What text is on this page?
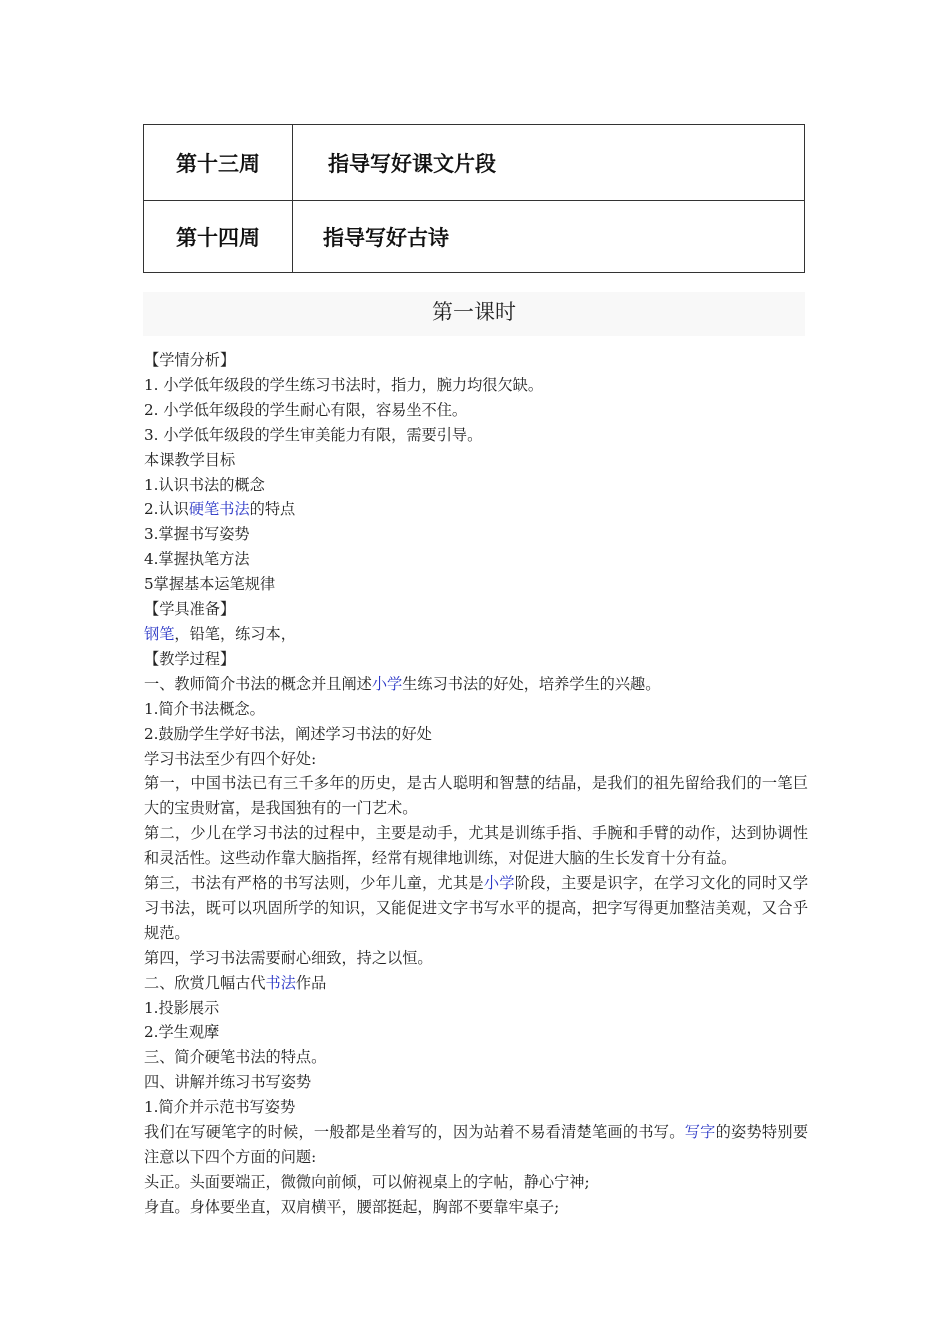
第十三周	指导写好课文片段
第十四周	指导写好古诗
第一课时

【学情分析】

1. 小学低年级段的学生练习书法时，指力，腕力均很欠缺。

2. 小学低年级段的学生耐心有限，容易坐不住。

3. 小学低年级段的学生审美能力有限，需要引导。

本课教学目标

1.认识书法的概念

2.认识硬笔书法的特点

3.掌握书写姿势

4.掌握执笔方法

5掌握基本运笔规律

【学具准备】

钢笔，铅笔，练习本，

【教学过程】

一、教师简介书法的概念并且阐述小学生练习书法的好处，培养学生的兴趣。

1.简介书法概念。

2.鼓励学生学好书法，阐述学习书法的好处

学习书法至少有四个好处:

第一，中国书法已有三千多年的历史，是古人聪明和智慧的结晶，是我们的祖先留给我们的一笔巨大的宝贵财富，是我国独有的一门艺术。

第二，少儿在学习书法的过程中，主要是动手，尤其是训练手指、手腕和手臂的动作，达到协调性和灵活性。这些动作靠大脑指挥，经常有规律地训练，对促进大脑的生长发育十分有益。

第三，书法有严格的书写法则，少年儿童，尤其是小学阶段，主要是识字，在学习文化的同时又学习书法，既可以巩固所学的知识，又能促进文字书写水平的提高，把字写得更加整洁美观，又合乎规范。

第四，学习书法需要耐心细致，持之以恒。

二、欣赏几幅古代书法作品

1.投影展示

2.学生观摩

三、简介硬笔书法的特点。

四、讲解并练习书写姿势

1.简介并示范书写姿势

我们在写硬笔字的时候，一般都是坐着写的，因为站着不易看清楚笔画的书写。写字的姿势特别要注意以下四个方面的问题:

头正。头面要端正，微微向前倾，可以俯视桌上的字帖，静心宁神;

身直。身体要坐直，双肩横平，腰部挺起，胸部不要靠牢桌子;
